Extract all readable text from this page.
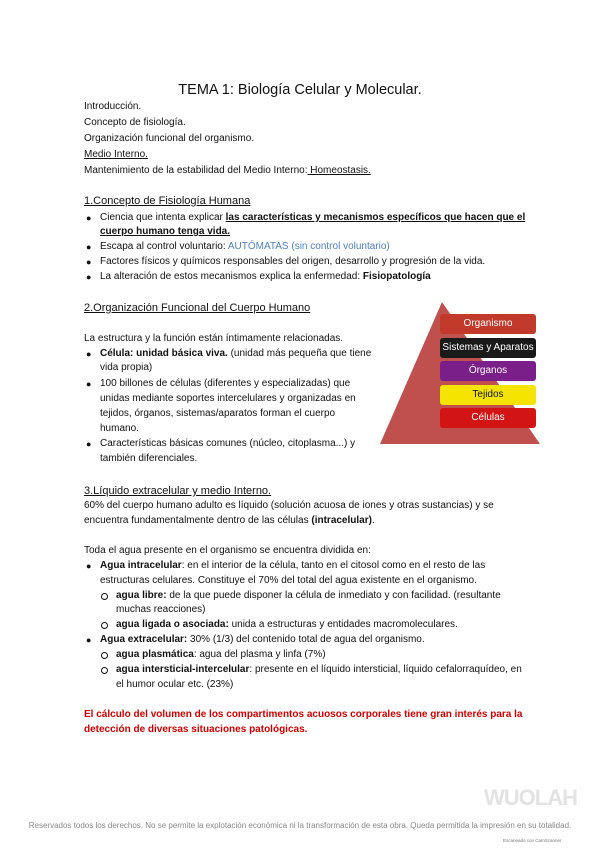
TEMA 1: Biología Celular y Molecular.
Introducción.
Concepto de fisiología.
Organización funcional del organismo.
Medio Interno.
Mantenimiento de la estabilidad del Medio Interno: Homeostasis.
1.Concepto de Fisiología Humana
● Ciencia que intenta explicar las características y mecanismos específicos que hacen que el
cuerpo humano tenga vida.
● Escapa al control voluntario: AUTÓMATAS (sin control voluntario)
● Factores físicos y químicos responsables del origen, desarrollo y progresión de la vida.
● La alteración de estos mecanismos explica la enfermedad: Fisiopatología
2.Organización Funcional del Cuerpo Humano
La estructura y la función están íntimamente relacionadas.
● Célula: unidad básica viva. (unidad más pequeña que tiene
vida propia)
● 100 billones de células (diferentes y especializadas) que
unidas mediante soportes intercelulares y organizadas en
tejidos, órganos, sistemas/aparatos forman el cuerpo
humano.
● Características básicas comunes (núcleo, citoplasma...) y
también diferenciales.
Organismo
Sistemas y Aparatos
Órganos
Tejidos
Células
3.Líquido extracelular y medio Interno.
60% del cuerpo humano adulto es líquido (solución acuosa de iones y otras sustancias) y se
encuentra fundamentalmente dentro de las células (intracelular).
Toda el agua presente en el organismo se encuentra dividida en:
● Agua intracelular: en el interior de la célula, tanto en el citosol como en el resto de las
estructuras celulares. Constituye el 70% del total del agua existente en el organismo.
agua libre: de la que puede disponer la célula de inmediato y con facilidad. (resultante
muchas reacciones)
agua ligada o asociada: unida a estructuras y entidades macromoleculares.
● Agua extracelular: 30% (1/3) del contenido total de agua del organismo.
agua plasmática: agua del plasma y linfa (7%)
agua intersticial-intercelular: presente en el líquido intersticial, líquido cefalorraquídeo, en
el humor ocular etc. (23%)
El cálculo del volumen de los compartimentos acuosos corporales tiene gran interés para la
detección de diversas situaciones patológicas.
WUOLAH
Reservados todos los derechos. No se permite la explotación económica ni la transformación de esta obra. Queda permitida la impresión en su totalidad.
Escaneado con CamScanner
